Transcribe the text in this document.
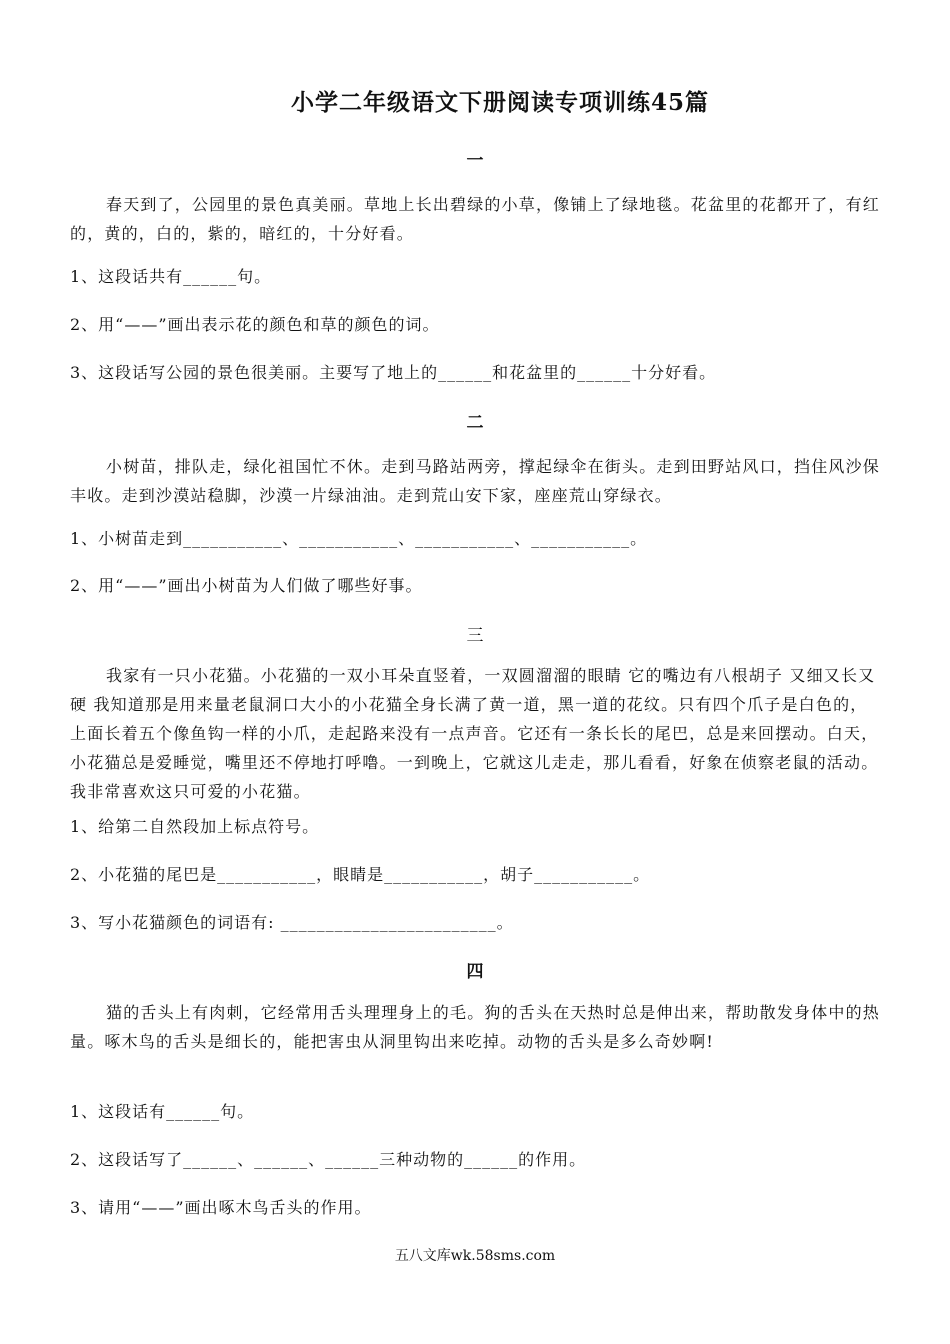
小学二年级语文下册阅读专项训练45篇

一

春天到了，公园里的景色真美丽。草地上长出碧绿的小草，像铺上了绿地毯。花盆里的花都开了，有红的，黄的，白的，紫的，暗红的，十分好看。

1、这段话共有______句。

2、用“——”画出表示花的颜色和草的颜色的词。

3、这段话写公园的景色很美丽。主要写了地上的______和花盆里的______十分好看。

二

小树苗，排队走，绿化祖国忙不休。走到马路站两旁，撑起绿伞在街头。走到田野站风口，挡住风沙保丰收。走到沙漠站稳脚，沙漠一片绿油油。走到荒山安下家，座座荒山穿绿衣。

1、小树苗走到___________、___________、___________、___________。

2、用“——”画出小树苗为人们做了哪些好事。

三

我家有一只小花猫。小花猫的一双小耳朵直竖着，一双圆溜溜的眼睛 它的嘴边有八根胡子 又细又长又硬 我知道那是用来量老鼠洞口大小的小花猫全身长满了黄一道，黑一道的花纹。只有四个爪子是白色的，上面长着五个像鱼钩一样的小爪，走起路来没有一点声音。它还有一条长长的尾巴，总是来回摆动。白天，小花猫总是爱睡觉，嘴里还不停地打呼噜。一到晚上，它就这儿走走，那儿看看，好象在侦察老鼠的活动。我非常喜欢这只可爱的小花猫。

1、给第二自然段加上标点符号。

2、小花猫的尾巴是___________，眼睛是___________，胡子___________。

3、写小花猫颜色的词语有: ________________________。

四

猫的舌头上有肉刺，它经常用舌头理理身上的毛。狗的舌头在天热时总是伸出来，帮助散发身体中的热量。啄木鸟的舌头是细长的，能把害虫从洞里钩出来吃掉。动物的舌头是多么奇妙啊!

1、这段话有______句。

2、这段话写了______、______、______三种动物的______的作用。

3、请用“——”画出啄木鸟舌头的作用。

五八文库wk.58sms.com
